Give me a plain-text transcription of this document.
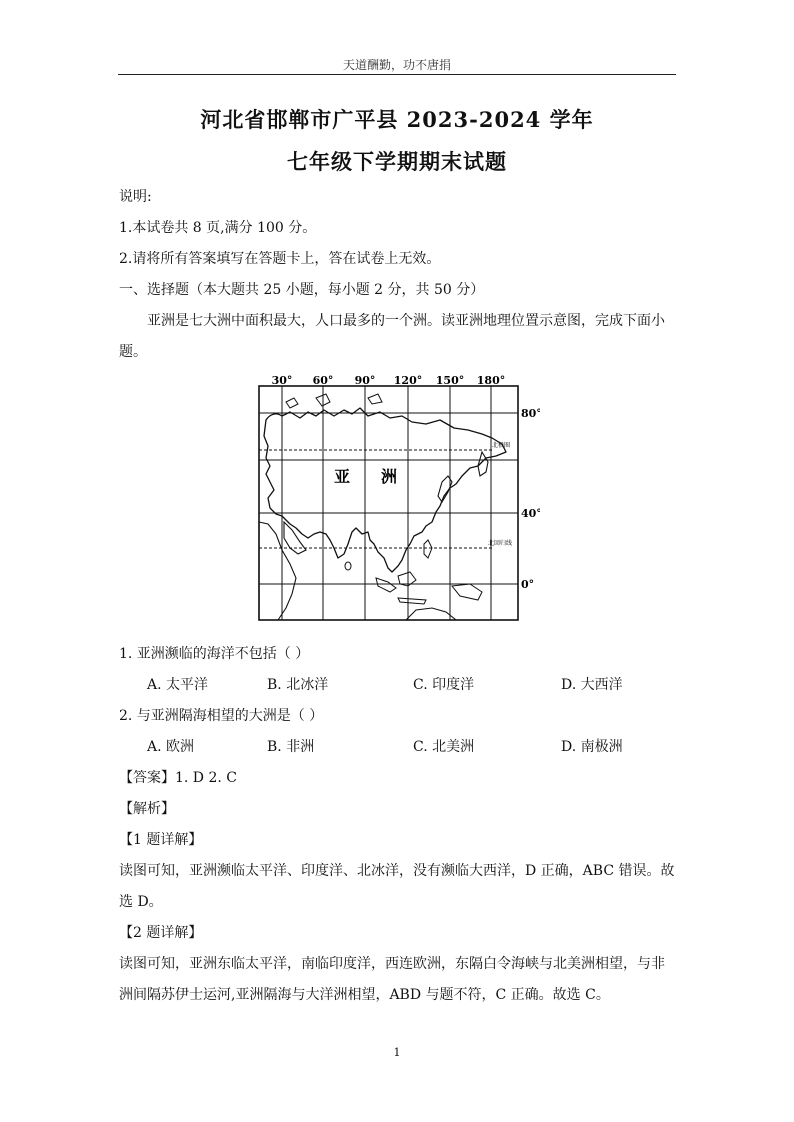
天道酬勤，功不唐捐
河北省邯郸市广平县 2023-2024 学年
七年级下学期期末试题
说明:
1.本试卷共 8 页,满分 100 分。
2.请将所有答案填写在答题卡上，答在试卷上无效。
一、选择题（本大题共 25 小题，每小题 2 分，共 50 分）
亚洲是七大洲中面积最大，人口最多的一个洲。读亚洲地理位置示意图，完成下面小
题。
30° 60° 90° 120° 150° 180°
80°
40°
0°
北极圈
北回归线
亚 洲
1. 亚洲濒临的海洋不包括（ ）
A. 太平洋	B. 北冰洋	C. 印度洋	D. 大西洋
2. 与亚洲隔海相望的大洲是（ ）
A. 欧洲	B. 非洲	C. 北美洲	D. 南极洲
【答案】1. D 2. C
【解析】
【1 题详解】
读图可知，亚洲濒临太平洋、印度洋、北冰洋，没有濒临大西洋，D 正确，ABC 错误。故
选 D。
【2 题详解】
读图可知，亚洲东临太平洋，南临印度洋，西连欧洲，东隔白令海峡与北美洲相望，与非
洲间隔苏伊士运河,亚洲隔海与大洋洲相望，ABD 与题不符，C 正确。故选 C。
1
